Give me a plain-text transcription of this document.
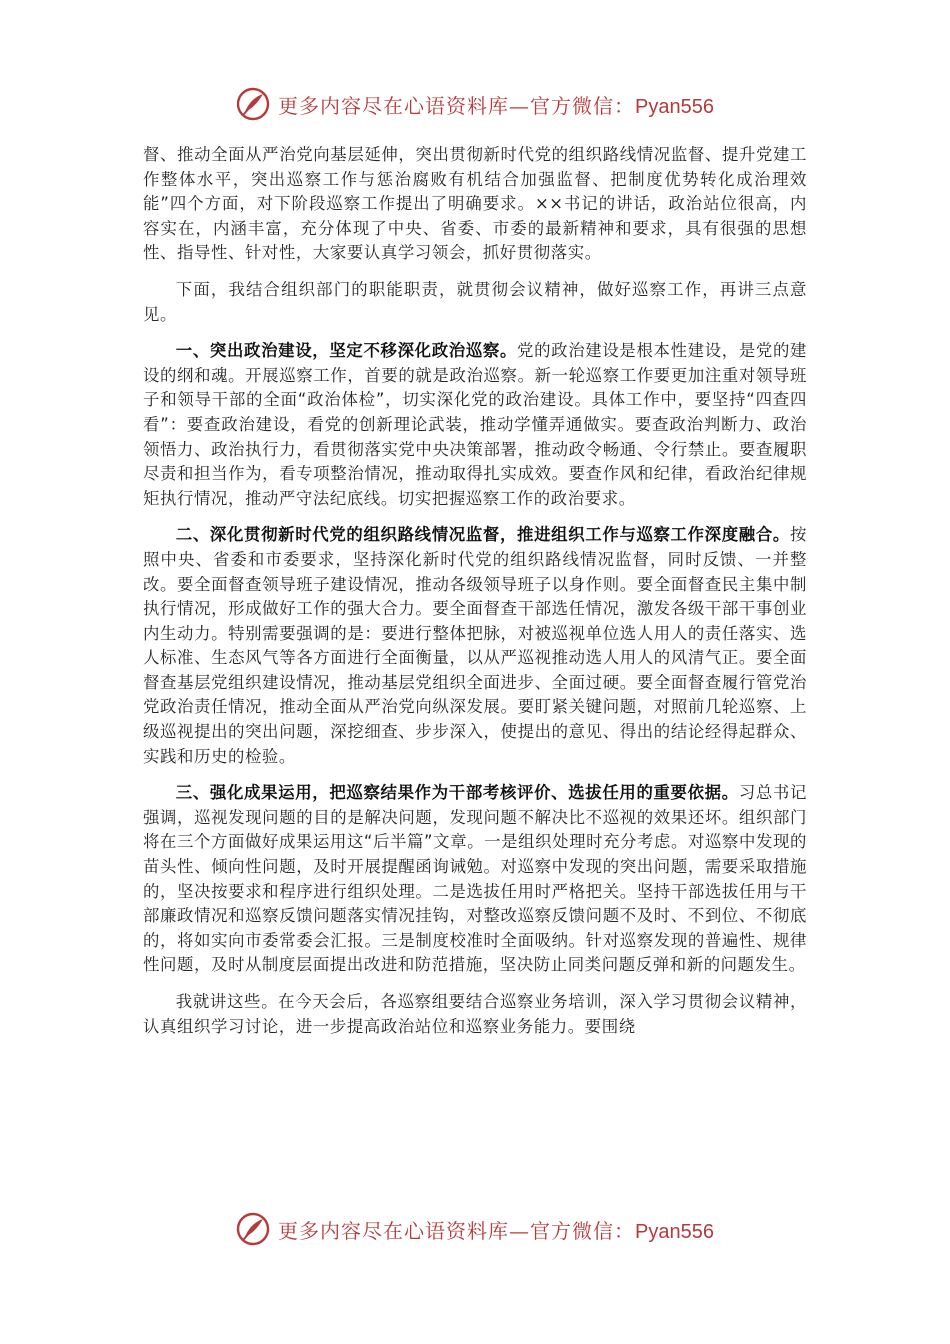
更多内容尽在心语资料库—官方微信：Pyan556

督、推动全面从严治党向基层延伸，突出贯彻新时代党的组织路线情况监督、提升党建工作整体水平，突出巡察工作与惩治腐败有机结合加强监督、把制度优势转化成治理效能”四个方面，对下阶段巡察工作提出了明确要求。××书记的讲话，政治站位很高，内容实在，内涵丰富，充分体现了中央、省委、市委的最新精神和要求，具有很强的思想性、指导性、针对性，大家要认真学习领会，抓好贯彻落实。

下面，我结合组织部门的职能职责，就贯彻会议精神，做好巡察工作，再讲三点意见。

一、突出政治建设，坚定不移深化政治巡察。党的政治建设是根本性建设，是党的建设的纲和魂。开展巡察工作，首要的就是政治巡察。新一轮巡察工作要更加注重对领导班子和领导干部的全面“政治体检”，切实深化党的政治建设。具体工作中，要坚持“四查四看”：要查政治建设，看党的创新理论武装，推动学懂弄通做实。要查政治判断力、政治领悟力、政治执行力，看贯彻落实党中央决策部署，推动政令畅通、令行禁止。要查履职尽责和担当作为，看专项整治情况，推动取得扎实成效。要查作风和纪律，看政治纪律规矩执行情况，推动严守法纪底线。切实把握巡察工作的政治要求。

二、深化贯彻新时代党的组织路线情况监督，推进组织工作与巡察工作深度融合。按照中央、省委和市委要求，坚持深化新时代党的组织路线情况监督，同时反馈、一并整改。要全面督查领导班子建设情况，推动各级领导班子以身作则。要全面督查民主集中制执行情况，形成做好工作的强大合力。要全面督查干部选任情况，激发各级干部干事创业内生动力。特别需要强调的是：要进行整体把脉，对被巡视单位选人用人的责任落实、选人标准、生态风气等各方面进行全面衡量，以从严巡视推动选人用人的风清气正。要全面督查基层党组织建设情况，推动基层党组织全面进步、全面过硬。要全面督查履行管党治党政治责任情况，推动全面从严治党向纵深发展。要盯紧关键问题，对照前几轮巡察、上级巡视提出的突出问题，深挖细查、步步深入，使提出的意见、得出的结论经得起群众、实践和历史的检验。

三、强化成果运用，把巡察结果作为干部考核评价、选拔任用的重要依据。习总书记强调，巡视发现问题的目的是解决问题，发现问题不解决比不巡视的效果还坏。组织部门将在三个方面做好成果运用这“后半篇”文章。一是组织处理时充分考虑。对巡察中发现的苗头性、倾向性问题，及时开展提醒函询诫勉。对巡察中发现的突出问题，需要采取措施的，坚决按要求和程序进行组织处理。二是选拔任用时严格把关。坚持干部选拔任用与干部廉政情况和巡察反馈问题落实情况挂钩，对整改巡察反馈问题不及时、不到位、不彻底的，将如实向市委常委会汇报。三是制度校准时全面吸纳。针对巡察发现的普遍性、规律性问题，及时从制度层面提出改进和防范措施，坚决防止同类问题反弹和新的问题发生。

我就讲这些。在今天会后，各巡察组要结合巡察业务培训，深入学习贯彻会议精神，认真组织学习讨论，进一步提高政治站位和巡察业务能力。要围绕

更多内容尽在心语资料库—官方微信：Pyan556
